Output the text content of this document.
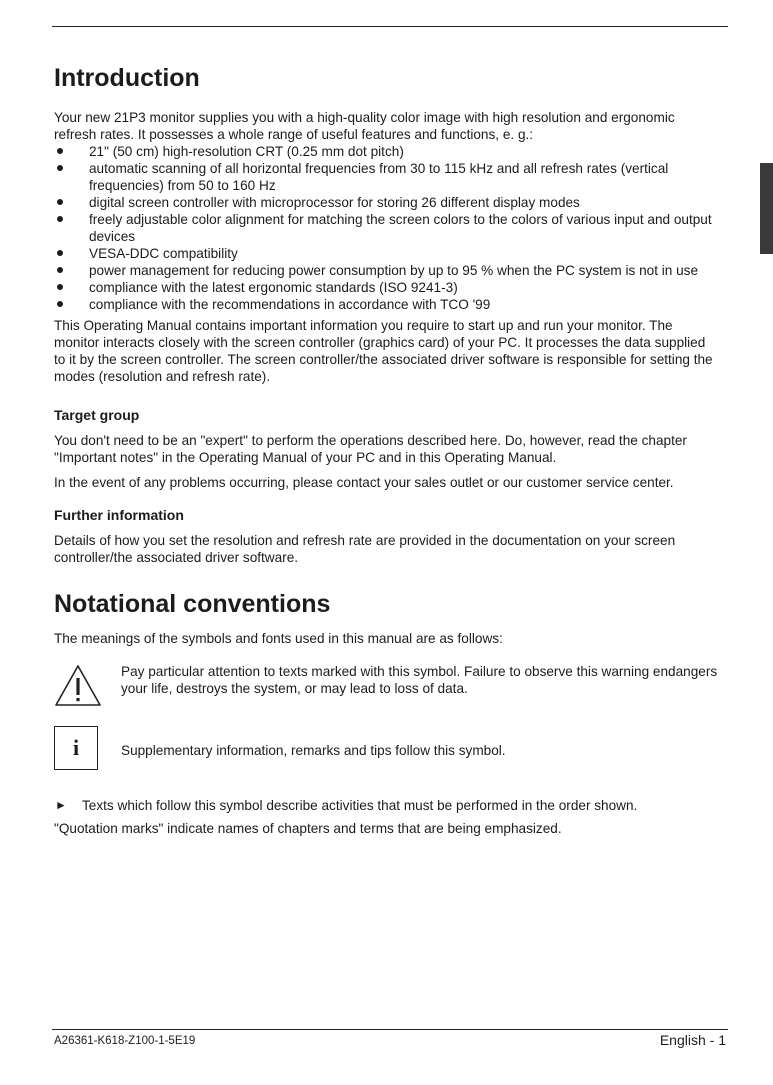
Introduction

Your new 21P3 monitor supplies you with a high-quality color image with high resolution and ergonomic refresh rates. It possesses a whole range of useful features and functions, e. g.:

21" (50 cm) high-resolution CRT (0.25 mm dot pitch)
automatic scanning of all horizontal frequencies from 30 to 115 kHz and all refresh rates (vertical frequencies) from 50 to 160 Hz
digital screen controller with microprocessor for storing 26 different display modes
freely adjustable color alignment for matching the screen colors to the colors of various input and output devices
VESA-DDC compatibility
power management for reducing power consumption by up to 95 % when the PC system is not in use
compliance with the latest ergonomic standards (ISO 9241-3)
compliance with the recommendations in accordance with TCO '99

This Operating Manual contains important information you require to start up and run your monitor. The monitor interacts closely with the screen controller (graphics card) of your PC. It processes the data supplied to it by the screen controller. The screen controller/the associated driver software is responsible for setting the modes (resolution and refresh rate).

Target group

You don't need to be an "expert" to perform the operations described here. Do, however, read the chapter "Important notes" in the Operating Manual of your PC and in this Operating Manual.

In the event of any problems occurring, please contact your sales outlet or our customer service center.

Further information

Details of how you set the resolution and refresh rate are provided in the documentation on your screen controller/the associated driver software.

Notational conventions

The meanings of the symbols and fonts used in this manual are as follows:

Pay particular attention to texts marked with this symbol. Failure to observe this warning endangers your life, destroys the system, or may lead to loss of data.
i	Supplementary information, remarks and tips follow this symbol.
►	Texts which follow this symbol describe activities that must be performed in the order shown.

"Quotation marks" indicate names of chapters and terms that are being emphasized.

A26361-K618-Z100-1-5E19	English - 1
